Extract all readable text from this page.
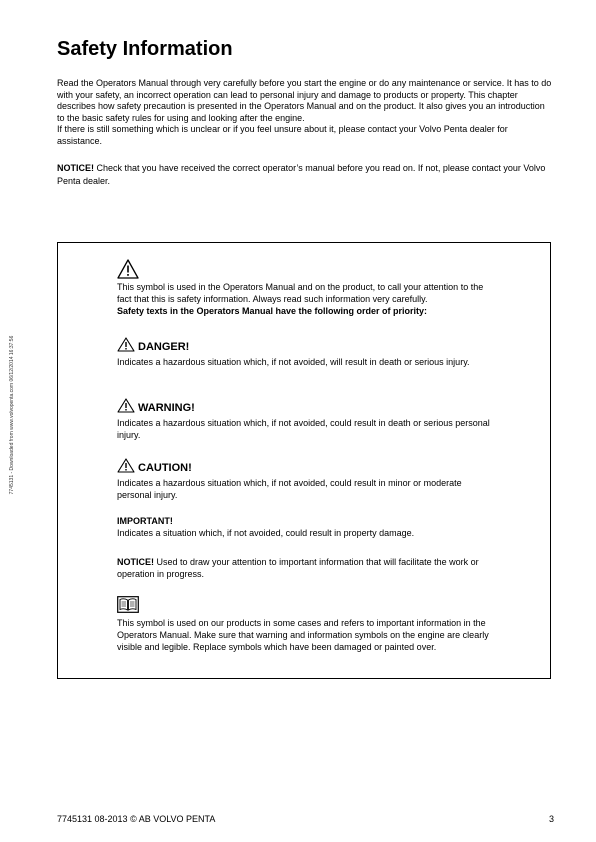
Safety Information

Read the Operators Manual through very carefully before you start the engine or do any maintenance or service. It has to do with your safety, an incorrect operation can lead to personal injury and damage to products or property. This chapter describes how safety precaution is presented in the Operators Manual and on the product. It also gives you an introduction to the basic safety rules for using and looking after the engine.

If there is still something which is unclear or if you feel unsure about it, please contact your Volvo Penta dealer for assistance.

NOTICE! Check that you have received the correct operator’s manual before you read on. If not, please contact your Volvo Penta dealer.

7745131 - Downloaded from www.volvopenta.com 06/12/2014 16:37:56
This symbol is used in the Operators Manual and on the product, to call your attention to the fact that this is safety information. Always read such information very carefully.
Safety texts in the Operators Manual have the following order of priority:
DANGER!
Indicates a hazardous situation which, if not avoided, will result in death or serious injury.
WARNING!
Indicates a hazardous situation which, if not avoided, could result in death or serious personal injury.
CAUTION!
Indicates a hazardous situation which, if not avoided, could result in minor or moderate personal injury.
IMPORTANT!
Indicates a situation which, if not avoided, could result in property damage.
NOTICE! Used to draw your attention to important information that will facilitate the work or operation in progress.
This symbol is used on our products in some cases and refers to important information in the Operators Manual. Make sure that warning and information symbols on the engine are clearly visible and legible. Replace symbols which have been damaged or painted over.
7745131 08-2013 © AB VOLVO PENTA	3
